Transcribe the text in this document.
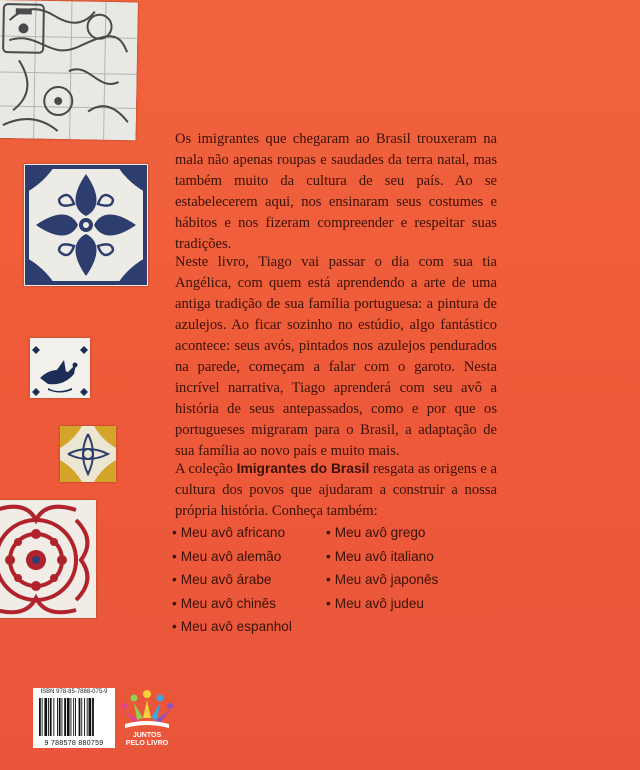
Os imigrantes que chegaram ao Brasil trouxeram na mala não apenas roupas e saudades da terra natal, mas também muito da cultura de seu país. Ao se estabelecerem aqui, nos ensinaram seus costumes e hábitos e nos fizeram compreender e respeitar suas tradições.

Neste livro, Tiago vai passar o dia com sua tia Angélica, com quem está aprendendo a arte de uma antiga tradição de sua família portuguesa: a pintura de azulejos. Ao ficar sozinho no estúdio, algo fantástico acontece: seus avós, pintados nos azulejos pendurados na parede, começam a falar com o garoto. Nesta incrível narrativa, Tiago aprenderá com seu avô a história de seus antepassados, como e por que os portugueses migraram para o Brasil, a adaptação de sua família ao novo país e muito mais.

A coleção Imigrantes do Brasil resgata as origens e a cultura dos povos que ajudaram a construir a nossa própria história. Conheça também:

• Meu avô africano
• Meu avô alemão
• Meu avô árabe
• Meu avô chinês
• Meu avô espanhol
• Meu avô grego
• Meu avô italiano
• Meu avô japonês
• Meu avô judeu
ISBN 978-85-7888-075-9
9 788578 880759
JUNTOS
PELO LIVRO
